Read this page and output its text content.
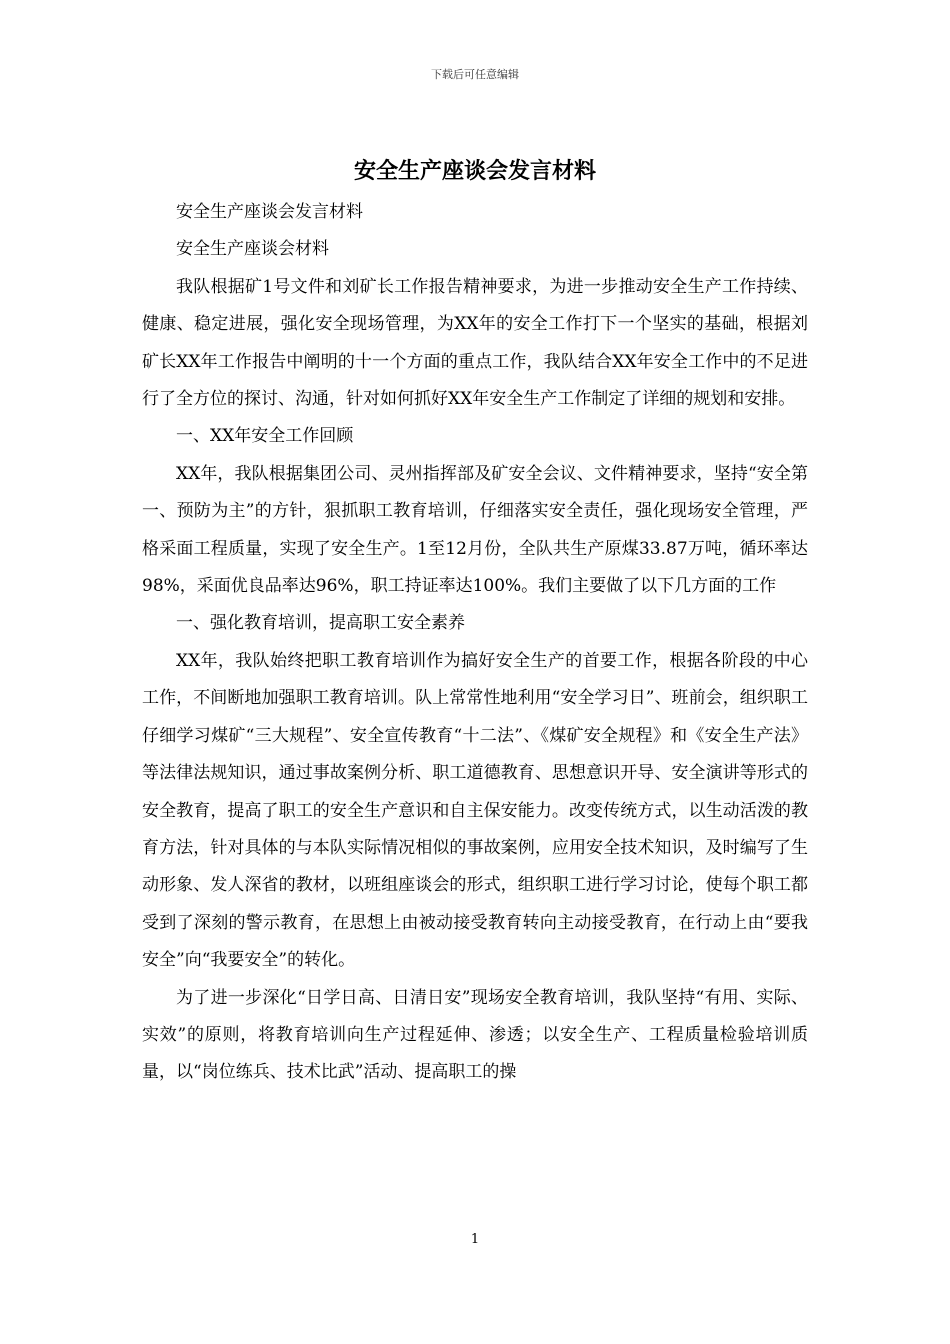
下载后可任意编辑
安全生产座谈会发言材料

安全生产座谈会发言材料

安全生产座谈会材料

我队根据矿1号文件和刘矿长工作报告精神要求，为进一步推动安全生产工作持续、健康、稳定进展，强化安全现场管理，为XX年的安全工作打下一个坚实的基础，根据刘矿长XX年工作报告中阐明的十一个方面的重点工作，我队结合XX年安全工作中的不足进行了全方位的探讨、沟通，针对如何抓好XX年安全生产工作制定了详细的规划和安排。

一、XX年安全工作回顾

XX年，我队根据集团公司、灵州指挥部及矿安全会议、文件精神要求，坚持“安全第一、预防为主”的方针，狠抓职工教育培训，仔细落实安全责任，强化现场安全管理，严格采面工程质量，实现了安全生产。1至12月份，全队共生产原煤33.87万吨，循环率达98%，采面优良品率达96%，职工持证率达100%。我们主要做了以下几方面的工作

一、强化教育培训，提高职工安全素养

XX年，我队始终把职工教育培训作为搞好安全生产的首要工作，根据各阶段的中心工作，不间断地加强职工教育培训。队上常常性地利用“安全学习日”、班前会，组织职工仔细学习煤矿“三大规程”、安全宣传教育“十二法”、《煤矿安全规程》和《安全生产法》等法律法规知识，通过事故案例分析、职工道德教育、思想意识开导、安全演讲等形式的安全教育，提高了职工的安全生产意识和自主保安能力。改变传统方式，以生动活泼的教育方法，针对具体的与本队实际情况相似的事故案例，应用安全技术知识，及时编写了生动形象、发人深省的教材，以班组座谈会的形式，组织职工进行学习讨论，使每个职工都受到了深刻的警示教育，在思想上由被动接受教育转向主动接受教育，在行动上由“要我安全”向“我要安全”的转化。

为了进一步深化“日学日高、日清日安”现场安全教育培训，我队坚持“有用、实际、实效”的原则，将教育培训向生产过程延伸、渗透；以安全生产、工程质量检验培训质量，以“岗位练兵、技术比武”活动、提高职工的操

1
